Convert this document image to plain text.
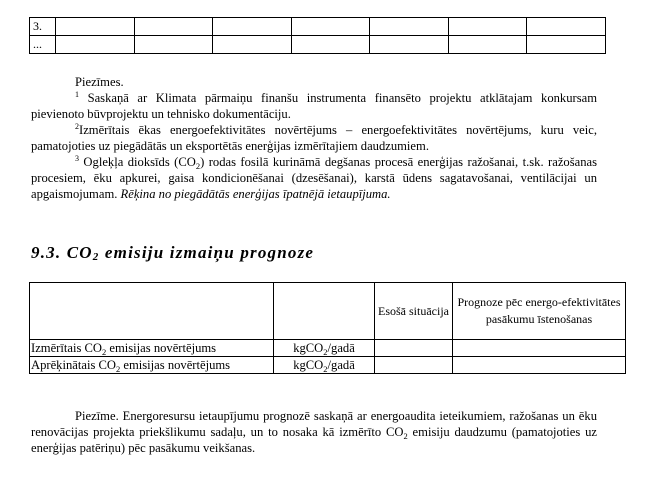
3.							
...							

Piezīmes.

$^1$ Saskaņā ar Klimata pārmaiņu finanšu instrumenta finansēto projektu atklātajam konkursam pievienoto būvprojektu un tehnisko dokumentāciju.

$^2$Izmērītais ēkas energoefektivitātes novērtējums – energoefektivitātes novērtējums, kuru veic, pamatojoties uz piegādātās un eksportētās enerģijas izmērītajiem daudzumiem.

$^3$ Ogleķļa dioksīds $(CO_2)$ rodas fosilā kurināmā degšanas procesā enerģijas ražošanai, t.sk. ražošanas procesiem, ēku apkurei, gaisa kondicionēšanai (dzesēšanai), karstā ūdens sagatavošanai, ventilācijai un apgaismojumam. Rēķina no piegādātās enerģijas īpatnējā ietaupījuma.

9.3. $CO_2$ emisiju izmaiņu prognoze
		Esošā situācija	Prognoze pēc energo-efektivitātes pasākumu īstenošanas
Izmērītais $CO_2$ emisijas novērtējums	kgCO$_2$/gadā		
Aprēķinātais $CO_2$ emisijas novērtējums	kgCO$_2$/gadā		

Piezīme. Energoresursu ietaupījumu prognozē saskaņā ar energoaudita ieteikumiem, ražošanas un ēku renovācijas projekta priekšlikumu sadaļu, un to nosaka kā izmērīto $CO_2$ emisiju daudzumu (pamatojoties uz enerģijas patēriņu) pēc pasākumu veikšanas.
